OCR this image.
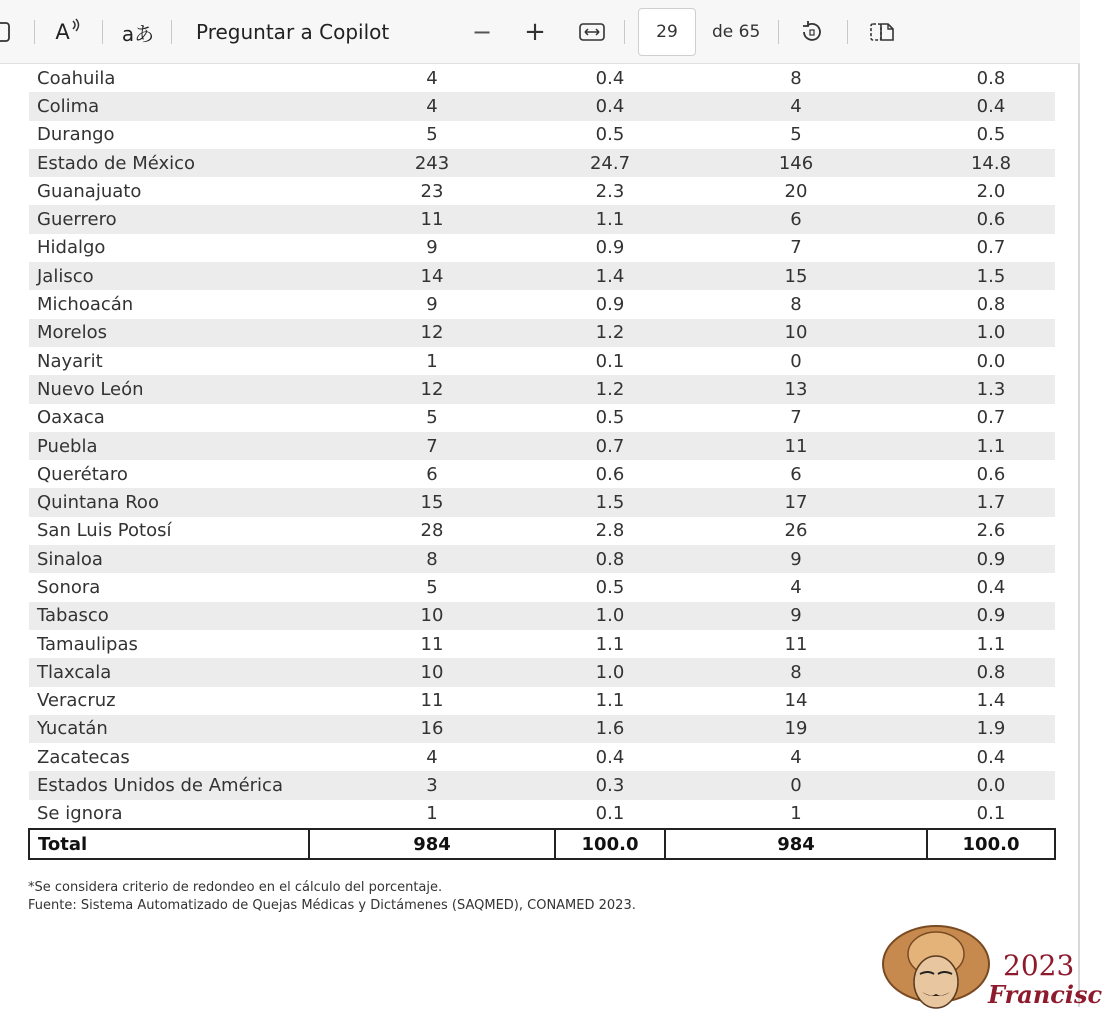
A	aあ Preguntar a Copilot	− +	29	de 65
Coahuila	4	0.4	8	0.8
Colima	4	0.4	4	0.4
Durango	5	0.5	5	0.5
Estado de México	243	24.7	146	14.8
Guanajuato	23	2.3	20	2.0
Guerrero	11	1.1	6	0.6
Hidalgo	9	0.9	7	0.7
Jalisco	14	1.4	15	1.5
Michoacán	9	0.9	8	0.8
Morelos	12	1.2	10	1.0
Nayarit	1	0.1	0	0.0
Nuevo León	12	1.2	13	1.3
Oaxaca	5	0.5	7	0.7
Puebla	7	0.7	11	1.1
Querétaro	6	0.6	6	0.6
Quintana Roo	15	1.5	17	1.7
San Luis Potosí	28	2.8	26	2.6
Sinaloa	8	0.8	9	0.9
Sonora	5	0.5	4	0.4
Tabasco	10	1.0	9	0.9
Tamaulipas	11	1.1	11	1.1
Tlaxcala	10	1.0	8	0.8
Veracruz	11	1.1	14	1.4
Yucatán	16	1.6	19	1.9
Zacatecas	4	0.4	4	0.4
Estados Unidos de América	3	0.3	0	0.0
Se ignora	1	0.1	1	0.1
Total	984	100.0	984	100.0
*Se considera criterio de redondeo en el cálculo del porcentaje.
Fuente: Sistema Automatizado de Quejas Médicas y Dictámenes (SAQMED), CONAMED 2023.
2023
Francisc
